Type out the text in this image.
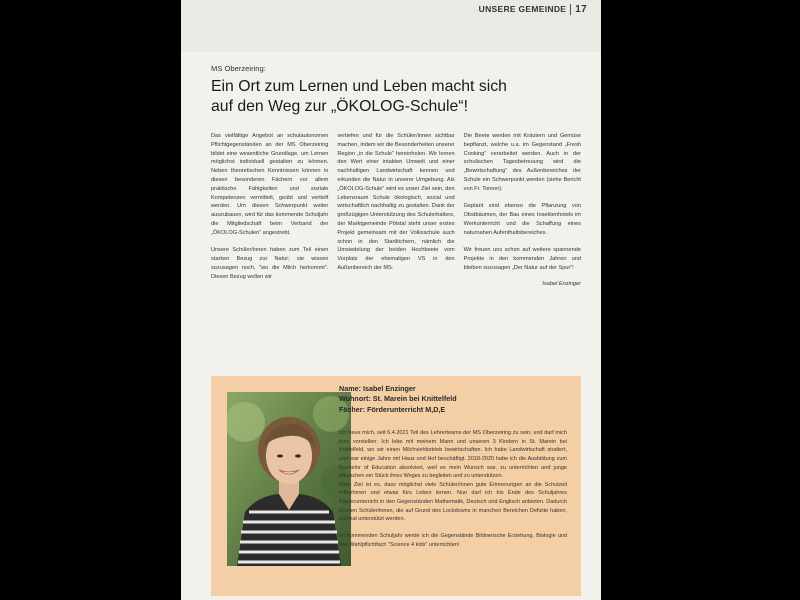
UNSERE GEMEINDE 17
MS Oberzeiring:
Ein Ort zum Lernen und Leben macht sich
auf den Weg zur „ÖKOLOG-Schule“!

Das vielfältige Angebot an schulautonomen Pflichtgegenständen an der MS Oberzeiring bildet eine wesentliche Grundlage, um Lernen möglichst individuell gestalten zu können. Neben theoretischen Kenntnissen können in diesen besonderen Fächern vor allem praktische Fähigkeiten und soziale Kompetenzen vermittelt, geübt und vertieft werden. Um diesen Schwerpunkt weiter auszubauen, wird für das kommende Schuljahr die Mitgliedschaft beim Verband der „ÖKOLOG-Schulen“ angestrebt.

Unsere Schüler/innen haben zum Teil einen starken Bezug zur Natur; sie wissen sozusagen noch, "wo die Milch herkommt". Diesen Bezug wollen wir

vertiefen und für die Schüler/innen sichtbar machen, indem wir die Besonderheiten unserer Region „in die Schule“ hereinholen. Wir lernen den Wert einer intakten Umwelt und einer nachhaltigen Landwirtschaft kennen und erkunden die Natur in unserer Umgebung. Als „ÖKOLOG-Schule“ wird es unser Ziel sein, den Lebensraum Schule ökologisch, sozial und wirtschaftlich nachhaltig zu gestalten. Dank der großzügigen Unterstützung des Schulerhalters, der Marktgemeinde Pölstal steht unser erstes Projekt gemeinsam mit der Volksschule auch schon in den Startlöchern, nämlich die Umsiedelung der beiden Hochbeete vom Vorplatz der ehemaligen VS in den Außenbereich der MS.

Die Beete werden mit Kräutern und Gemüse bepflanzt, welche u.a. im Gegenstand „Fresh Cooking“ verarbeitet werden. Auch in der schulischen Tagesbetreuung wird die „Bewirtschaftung“ des Außenbereiches der Schule ein Schwerpunkt werden (siehe Bericht von Fr. Tonner).

Geplant sind ebenso die Pflanzung von Obstbäumen, der Bau eines Insektenhotels im Werkunterricht und die Schaffung eines naturnahen Aufenthaltsbereiches.

Wir freuen uns schon auf weitere spannende Projekte in den kommenden Jahren und bleiben sozusagen „Der Natur auf der Spur“!

Isabel Enzinger

Name: Isabel Enzinger
Wohnort: St. Marein bei Knittelfeld
Fächer: Förderunterricht M,D,E

Ich freue mich, seit 6.4.2021 Teil des Lehrerteams der MS Oberzeiring zu sein, und darf mich kurz vorstellen: Ich lebe mit meinem Mann und unseren 3 Kindern in St. Marein bei Knittelfeld, wo wir einen Milchviehbetrieb bewirtschaften. Ich habe Landwirtschaft studiert, und war einige Jahre mit Haus und Hof beschäftigt. 2018-2020 habe ich die Ausbildung zum Bachelor of Education absolviert, weil es mein Wunsch war, zu unterrichten und junge Menschen ein Stück ihres Weges zu begleiten und zu unterstützen.

Mein Ziel ist es, dass möglichst viele Schüler/innen gute Erinnerungen an die Schulzeit mitnehmen und etwas fürs Leben lernen. Nun darf ich bis Ende des Schuljahres Förderunterricht in den Gegenständen Mathematik, Deutsch und Englisch anbieten. Dadurch können Schüler/innen, die auf Grund des Lockdowns in manchen Bereichen Defizite haben, optimal unterstützt werden.

Im kommenden Schuljahr werde ich die Gegenstände Bildnerische Erziehung, Biologie und das Wahlpflichtfach "Science 4 kids" unterrichten!
